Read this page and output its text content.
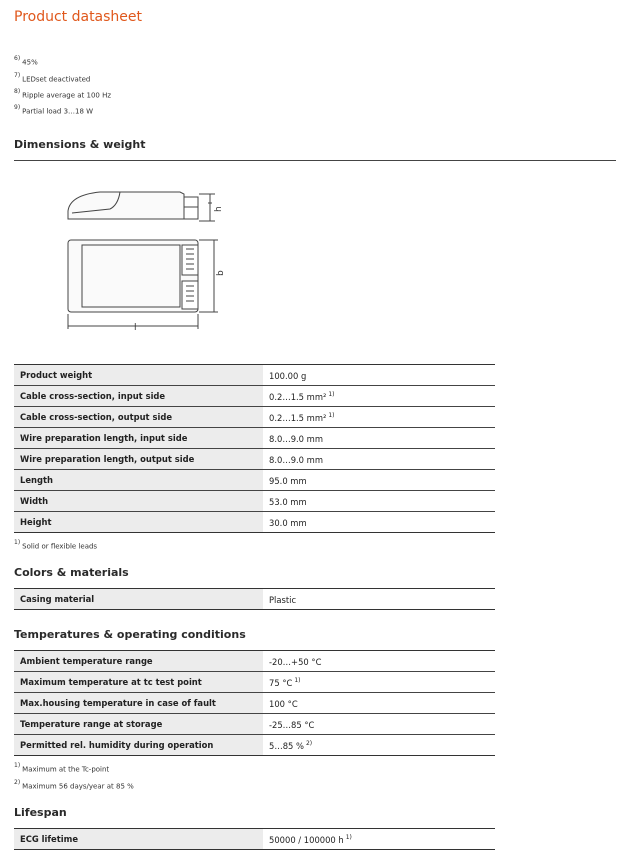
Product datasheet
$^{6)}$ 45%
$^{7)}$ LEDset deactivated
$^{8)}$ Ripple average at 100 Hz
$^{9)}$ Partial load 3…18 W
Dimensions & weight
h
b
l
Product weight	100.00 g
Cable cross-section, input side	0.2…1.5 mm² $^{1)}$
Cable cross-section, output side	0.2…1.5 mm² $^{1)}$
Wire preparation length, input side	8.0…9.0 mm
Wire preparation length, output side	8.0…9.0 mm
Length	95.0 mm
Width	53.0 mm
Height	30.0 mm
$^{1)}$ Solid or flexible leads
Colors & materials
Casing material	Plastic
Temperatures & operating conditions
Ambient temperature range	-20…+50 °C
Maximum temperature at tc test point	75 °C $^{1)}$
Max.housing temperature in case of fault	100 °C
Temperature range at storage	-25…85 °C
Permitted rel. humidity during operation	5…85 % $^{2)}$
$^{1)}$ Maximum at the Tc-point
$^{2)}$ Maximum 56 days/year at 85 %
Lifespan
ECG lifetime	50000 / 100000 h $^{1)}$
